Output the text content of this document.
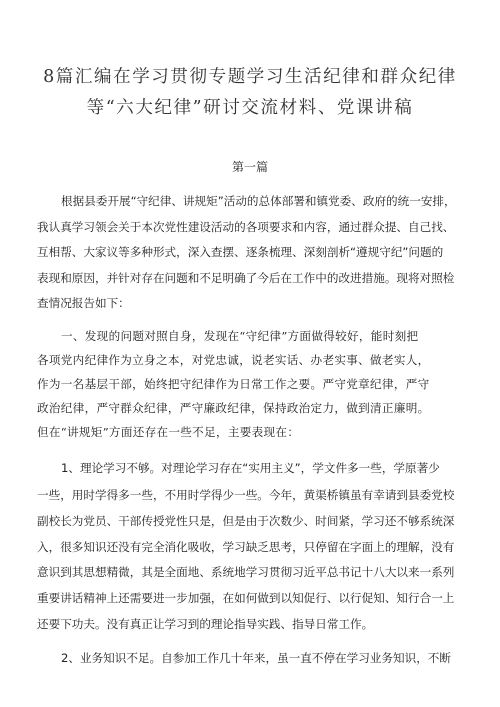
8篇汇编在学习贯彻专题学习生活纪律和群众纪律
等“六大纪律”研讨交流材料、党课讲稿
第一篇
根据县委开展“守纪律、讲规矩”活动的总体部署和镇党委、政府的统一安排，
我认真学习领会关于本次党性建设活动的各项要求和内容，通过群众提、自己找、
互相帮、大家议等多种形式，深入查摆、逐条梳理、深刻剖析“遵规守纪”问题的
表现和原因，并针对存在问题和不足明确了今后在工作中的改进措施。现将对照检
查情况报告如下：
一、发现的问题对照自身，发现在“守纪律”方面做得较好，能时刻把
各项党内纪律作为立身之本，对党忠诚，说老实话、办老实事、做老实人，
作为一名基层干部，始终把守纪律作为日常工作之要。严守党章纪律，严守
政治纪律，严守群众纪律，严守廉政纪律，保持政治定力，做到清正廉明。
但在“讲规矩”方面还存在一些不足，主要表现在：
1、理论学习不够。对理论学习存在“实用主义”，学文件多一些，学原著少
一些，用时学得多一些，不用时学得少一些。今年，黄渠桥镇虽有幸请到县委党校
副校长为党员、干部传授党性只是，但是由于次数少、时间紧，学习还不够系统深
入，很多知识还没有完全消化吸收，学习缺乏思考，只停留在字面上的理解，没有
意识到其思想精微，其是全面地、系统地学习贯彻习近平总书记十八大以来一系列
重要讲话精神上还需要进一步加强，在如何做到以知促行、以行促知、知行合一上
还要下功夫。没有真正让学习到的理论指导实践、指导日常工作。
2、业务知识不足。自参加工作几十年来，虽一直不停在学习业务知识，不断
